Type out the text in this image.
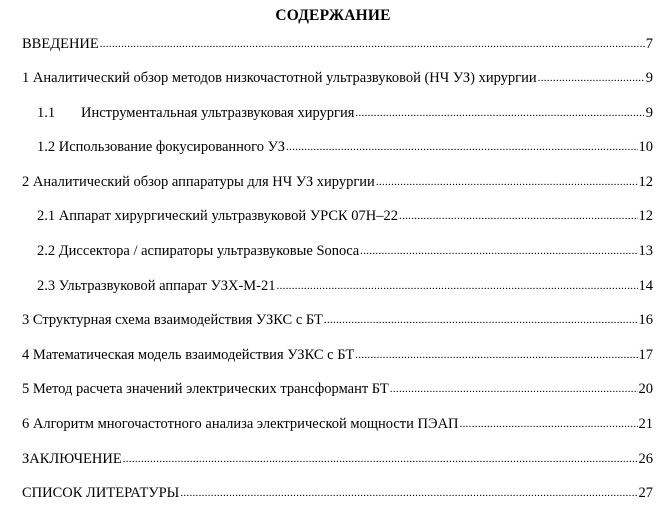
СОДЕРЖАНИЕ
ВВЕДЕНИЕ .....	7
1 Аналитический обзор методов низкочастотной ультразвуковой (НЧ УЗ) хирургии .....	9
1.1 Инструментальная ультразвуковая хирургия .....	9
1.2 Использование фокусированного УЗ .....	10
2 Аналитический обзор аппаратуры для НЧ УЗ хирургии .....	12
2.1 Аппарат хирургический ультразвуковой УРСК 07Н–22 .....	12
2.2 Диссектора / аспираторы ультразвуковые Sonoca .....	13
2.3 Ультразвуковой аппарат УЗХ-М-21 .....	14
3 Структурная схема взаимодействия УЗКС с БТ .....	16
4 Математическая модель взаимодействия УЗКС с БТ .....	17
5 Метод расчета значений электрических трансформант БТ .....	20
6 Алгоритм многочастотного анализа электрической мощности ПЭАП .....	21
ЗАКЛЮЧЕНИЕ .....	26
СПИСОК ЛИТЕРАТУРЫ .....	27
